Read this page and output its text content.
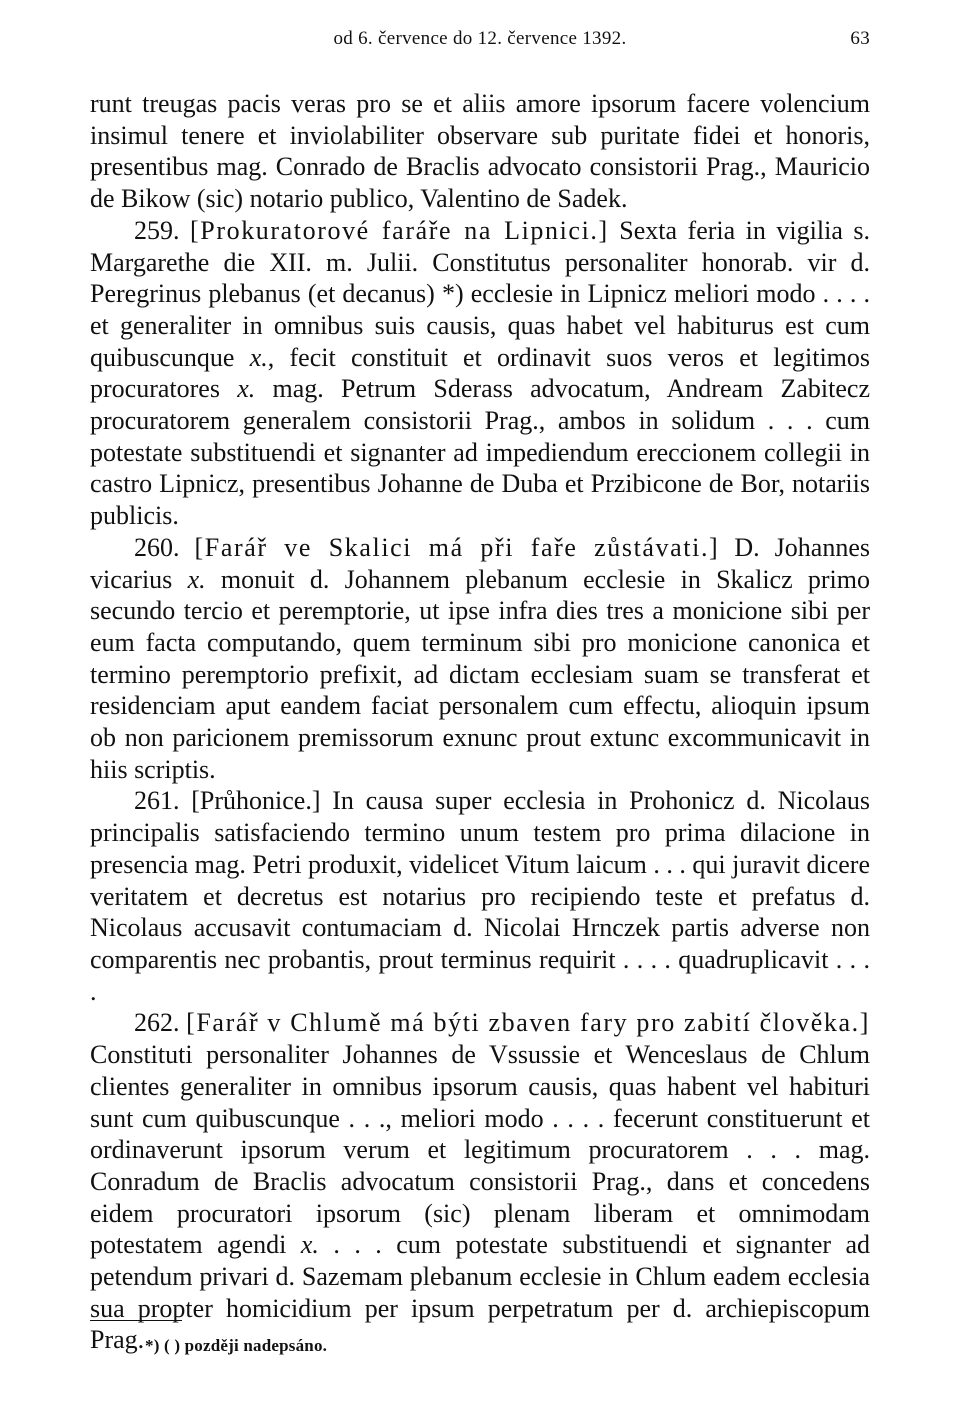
od 6. července do 12. července 1392.	63

runt treugas pacis veras pro se et aliis amore ipsorum facere volencium insimul tenere et inviolabiliter observare sub puritate fidei et honoris, presentibus mag. Conrado de Braclis advocato consistorii Prag., Mauricio de Bikow (sic) notario publico, Valentino de Sadek.

259. [Prokuratorové faráře na Lipnici.] Sexta feria in vigilia s. Margarethe die XII. m. Julii. Constitutus personaliter honorab. vir d. Peregrinus plebanus (et decanus) *) ecclesie in Lipnicz meliori modo . . . . et generaliter in omnibus suis causis, quas habet vel habiturus est cum quibuscunque x., fecit constituit et ordinavit suos veros et legitimos procuratores x. mag. Petrum Sderass advocatum, Andream Zabitecz procuratorem generalem consistorii Prag., ambos in solidum . . . cum potestate substituendi et signanter ad impediendum ereccionem collegii in castro Lipnicz, presentibus Johanne de Duba et Przibicone de Bor, notariis publicis.

260. [Farář ve Skalici má při faře zůstávati.] D. Johannes vicarius x. monuit d. Johannem plebanum ecclesie in Skalicz primo secundo tercio et peremptorie, ut ipse infra dies tres a monicione sibi per eum facta computando, quem terminum sibi pro monicione canonica et termino peremptorio prefixit, ad dictam ecclesiam suam se transferat et residenciam aput eandem faciat personalem cum effectu, alioquin ipsum ob non paricionem premissorum exnunc prout extunc excommunicavit in hiis scriptis.

261. [Průhonice.] In causa super ecclesia in Prohonicz d. Nicolaus principalis satisfaciendo termino unum testem pro prima dilacione in presencia mag. Petri produxit, videlicet Vitum laicum . . . qui juravit dicere veritatem et decretus est notarius pro recipiendo teste et prefatus d. Nicolaus accusavit contumaciam d. Nicolai Hrnczek partis adverse non comparentis nec probantis, prout terminus requirit . . . . quadruplicavit . . . .

262. [Farář v Chlumě má býti zbaven fary pro zabití člověka.] Constituti personaliter Johannes de Vssussie et Wenceslaus de Chlum clientes generaliter in omnibus ipsorum causis, quas habent vel habituri sunt cum quibuscunque . . ., meliori modo . . . . fecerunt constituerunt et ordinaverunt ipsorum verum et legitimum procuratorem . . . mag. Conradum de Braclis advocatum consistorii Prag., dans et concedens eidem procuratori ipsorum (sic) plenam liberam et omnimodam potestatem agendi x. . . . cum potestate substituendi et signanter ad petendum privari d. Sazemam plebanum ecclesie in Chlum eadem ecclesia sua propter homicidium per ipsum perpetratum per d. archiepiscopum Prag. *) ( ) později nadepsáno.
